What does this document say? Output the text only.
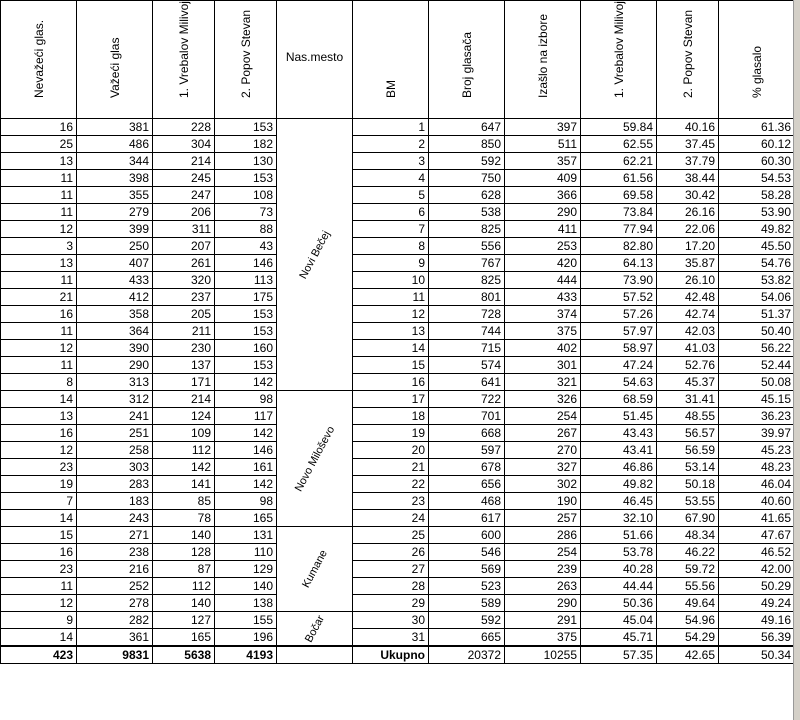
Nevažeći glas.	Važeći glas	1. Vrebalov Milivoj	2. Popov Stevan	Nas.mesto	BM	Broj glasača	Izašlo na izbore	1. Vrebalov Milivoj	2. Popov Stevan	% glasalo

16	381	228	153	Novi Bečej	1	647	397	59.84	40.16	61.36
25	486	304	182		2	850	511	62.55	37.45	60.12
13	344	214	130		3	592	357	62.21	37.79	60.30
11	398	245	153		4	750	409	61.56	38.44	54.53
11	355	247	108		5	628	366	69.58	30.42	58.28
11	279	206	73		6	538	290	73.84	26.16	53.90
12	399	311	88		7	825	411	77.94	22.06	49.82
3	250	207	43		8	556	253	82.80	17.20	45.50
13	407	261	146		9	767	420	64.13	35.87	54.76
11	433	320	113		10	825	444	73.90	26.10	53.82
21	412	237	175		11	801	433	57.52	42.48	54.06
16	358	205	153		12	728	374	57.26	42.74	51.37
11	364	211	153		13	744	375	57.97	42.03	50.40
12	390	230	160		14	715	402	58.97	41.03	56.22
11	290	137	153		15	574	301	47.24	52.76	52.44
8	313	171	142		16	641	321	54.63	45.37	50.08
14	312	214	98	Novo Miloševo	17	722	326	68.59	31.41	45.15
13	241	124	117		18	701	254	51.45	48.55	36.23
16	251	109	142		19	668	267	43.43	56.57	39.97
12	258	112	146		20	597	270	43.41	56.59	45.23
23	303	142	161		21	678	327	46.86	53.14	48.23
19	283	141	142		22	656	302	49.82	50.18	46.04
7	183	85	98		23	468	190	46.45	53.55	40.60
14	243	78	165		24	617	257	32.10	67.90	41.65
15	271	140	131	Kumane	25	600	286	51.66	48.34	47.67
16	238	128	110		26	546	254	53.78	46.22	46.52
23	216	87	129		27	569	239	40.28	59.72	42.00
11	252	112	140		28	523	263	44.44	55.56	50.29
12	278	140	138		29	589	290	50.36	49.64	49.24
9	282	127	155	Bočar	30	592	291	45.04	54.96	49.16
14	361	165	196		31	665	375	45.71	54.29	56.39
423	9831	5638	4193		Ukupno	20372	10255	57.35	42.65	50.34
